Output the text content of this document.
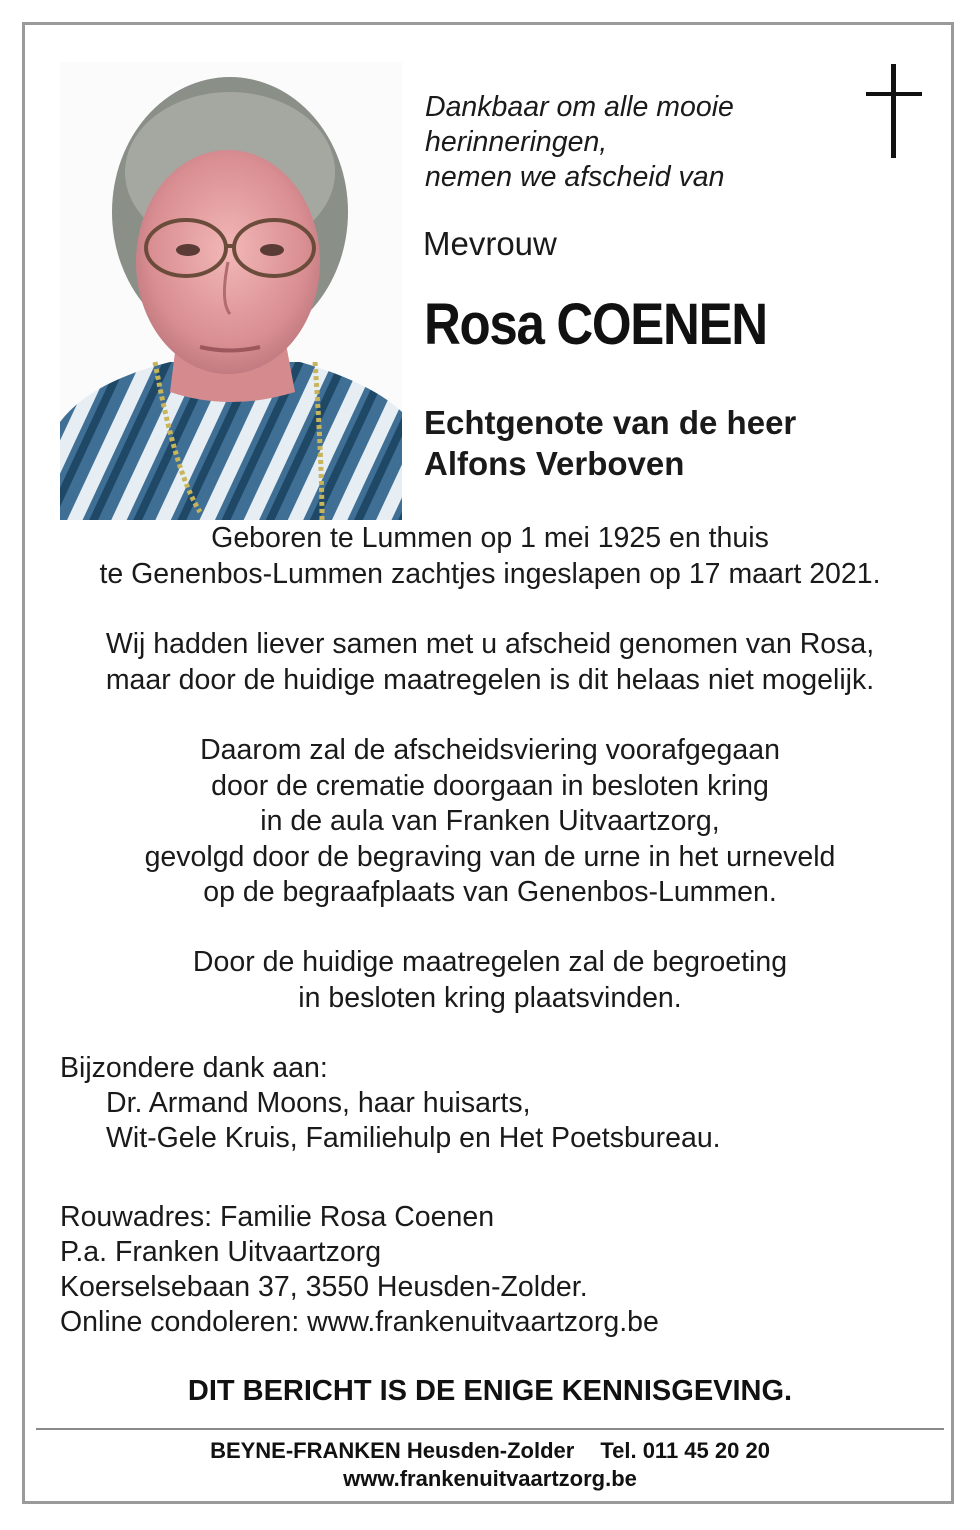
Dankbaar om alle mooie
herinneringen,
nemen we afscheid van
Mevrouw
Rosa COENEN
Echtgenote van de heer
Alfons Verboven
Geboren te Lummen op 1 mei 1925 en thuis
te Genenbos-Lummen zachtjes ingeslapen op 17 maart 2021.
Wij hadden liever samen met u afscheid genomen van Rosa,
maar door de huidige maatregelen is dit helaas niet mogelijk.
Daarom zal de afscheidsviering voorafgegaan
door de crematie doorgaan in besloten kring
in de aula van Franken Uitvaartzorg,
gevolgd door de begraving van de urne in het urneveld
op de begraafplaats van Genenbos-Lummen.
Door de huidige maatregelen zal de begroeting
in besloten kring plaatsvinden.
Bijzondere dank aan:
Dr. Armand Moons, haar huisarts,
Wit-Gele Kruis, Familiehulp en Het Poetsbureau.
Rouwadres: Familie Rosa Coenen
P.a. Franken Uitvaartzorg
Koerselsebaan 37, 3550 Heusden-Zolder.
Online condoleren: www.frankenuitvaartzorg.be
DIT BERICHT IS DE ENIGE KENNISGEVING.
BEYNE-FRANKEN Heusden-Zolder Tel. 011 45 20 20
www.frankenuitvaartzorg.be
